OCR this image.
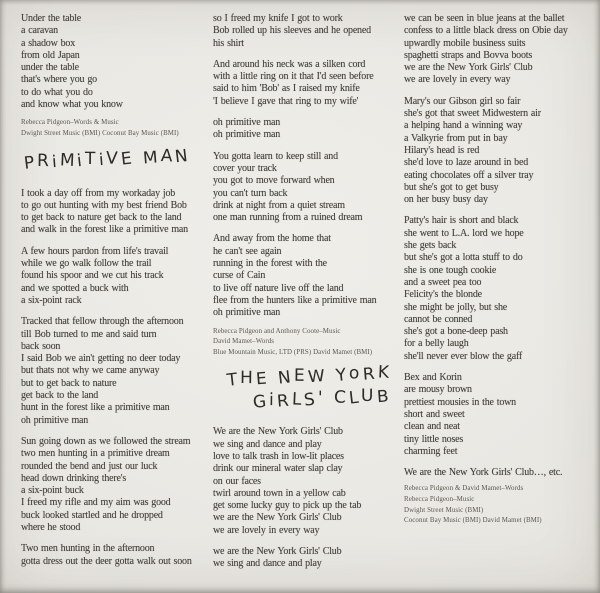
Under the table
a caravan
a shadow box
from old Japan
under the table
that's where you go
to do what you do
and know what you know
Rebecca Pidgeon–Words & Music
Dwight Street Music (BMI) Coconut Bay Music (BMI)
PRiMiTiVE MAN
I took a day off from my workaday job
to go out hunting with my best friend Bob
to get back to nature get back to the land
and walk in the forest like a primitive man
A few hours pardon from life's travail
while we go walk follow the trail
found his spoor and we cut his track
and we spotted a buck with
a six-point rack
Tracked that fellow through the afternoon
till Bob turned to me and said turn
back soon
I said Bob we ain't getting no deer today
but thats not why we came anyway
but to get back to nature
get back to the land
hunt in the forest like a primitive man
oh primitive man
Sun going down as we followed the stream
two men hunting in a primitive dream
rounded the bend and just our luck
head down drinking there's
a six-point buck
I freed my rifle and my aim was good
buck looked startled and he dropped
where he stood
Two men hunting in the afternoon
gotta dress out the deer gotta walk out soon
so I freed my knife I got to work
Bob rolled up his sleeves and he opened
his shirt
And around his neck was a silken cord
with a little ring on it that I'd seen before
said to him 'Bob' as I raised my knife
'I believe I gave that ring to my wife'
oh primitive man
oh primitive man
You gotta learn to keep still and
cover your track
you got to move forward when
you can't turn back
drink at night from a quiet stream
one man running from a ruined dream
And away from the home that
he can't see again
running in the forest with the
curse of Cain
to live off nature live off the land
flee from the hunters like a primitive man
oh primitive man
Rebecca Pidgeon and Anthony Coote–Music
David Mamet–Words
Blue Mountain Music, LTD (PRS) David Mamet (BMI)
THE NEW YoRK
GiRLS' CLUB
We are the New York Girls' Club
we sing and dance and play
love to talk trash in low-lit places
drink our mineral water slap clay
on our faces
twirl around town in a yellow cab
get some lucky guy to pick up the tab
we are the New York Girls' Club
we are lovely in every way
we are the New York Girls' Club
we sing and dance and play
we can be seen in blue jeans at the ballet
confess to a little black dress on Obie day
upwardly mobile business suits
spaghetti straps and Bovva boots
we are the New York Girls' Club
we are lovely in every way
Mary's our Gibson girl so fair
she's got that sweet Midwestern air
a helping hand a winning way
a Valkyrie from put in bay
Hilary's head is red
she'd love to laze around in bed
eating chocolates off a silver tray
but she's got to get busy
on her busy busy day
Patty's hair is short and black
she went to L.A. lord we hope
she gets back
but she's got a lotta stuff to do
she is one tough cookie
and a sweet pea too
Felicity's the blonde
she might be jolly, but she
cannot be conned
she's got a bone-deep pash
for a belly laugh
she'll never ever blow the gaff
Bex and Korin
are mousy brown
prettiest mousies in the town
short and sweet
clean and neat
tiny little noses
charming feet
We are the New York Girls' Club…, etc.
Rebecca Pidgeon & David Mamet–Words
Rebecca Pidgeon–Music
Dwight Street Music (BMI)
Coconut Bay Music (BMI) David Mamet (BMI)
